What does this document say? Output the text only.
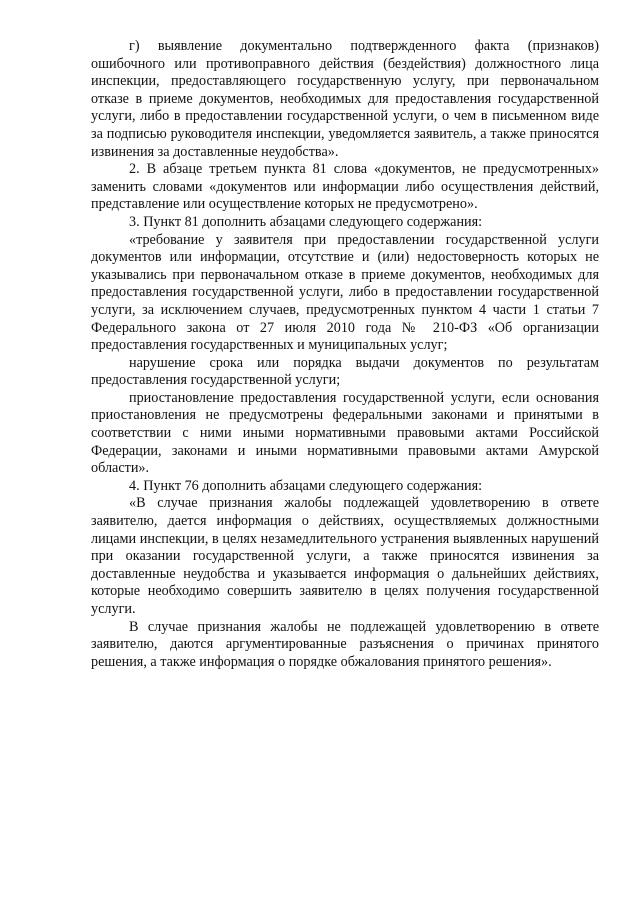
г) выявление документально подтвержденного факта (признаков) ошибочного или противоправного действия (бездействия) должностного лица инспекции, предоставляющего государственную услугу, при первоначальном отказе в приеме документов, необходимых для предоставления государственной услуги, либо в предоставлении государственной услуги, о чем в письменном виде за подписью руководителя инспекции, уведомляется заявитель, а также приносятся извинения за доставленные неудобства».

2. В абзаце третьем пункта 81 слова «документов, не предусмотренных» заменить словами «документов или информации либо осуществления действий, представление или осуществление которых не предусмотрено».

3. Пункт 81 дополнить абзацами следующего содержания:

«требование у заявителя при предоставлении государственной услуги документов или информации, отсутствие и (или) недостоверность которых не указывались при первоначальном отказе в приеме документов, необходимых для предоставления государственной услуги, либо в предоставлении государственной услуги, за исключением случаев, предусмотренных пунктом 4 части 1 статьи 7 Федерального закона от 27 июля 2010 года № 210-ФЗ «Об организации предоставления государственных и муниципальных услуг;

нарушение срока или порядка выдачи документов по результатам предоставления государственной услуги;

приостановление предоставления государственной услуги, если основания приостановления не предусмотрены федеральными законами и принятыми в соответствии с ними иными нормативными правовыми актами Российской Федерации, законами и иными нормативными правовыми актами Амурской области».

4. Пункт 76 дополнить абзацами следующего содержания:

«В случае признания жалобы подлежащей удовлетворению в ответе заявителю, дается информация о действиях, осуществляемых должностными лицами инспекции, в целях незамедлительного устранения выявленных нарушений при оказании государственной услуги, а также приносятся извинения за доставленные неудобства и указывается информация о дальнейших действиях, которые необходимо совершить заявителю в целях получения государственной услуги.

В случае признания жалобы не подлежащей удовлетворению в ответе заявителю, даются аргументированные разъяснения о причинах принятого решения, а также информация о порядке обжалования принятого решения».
